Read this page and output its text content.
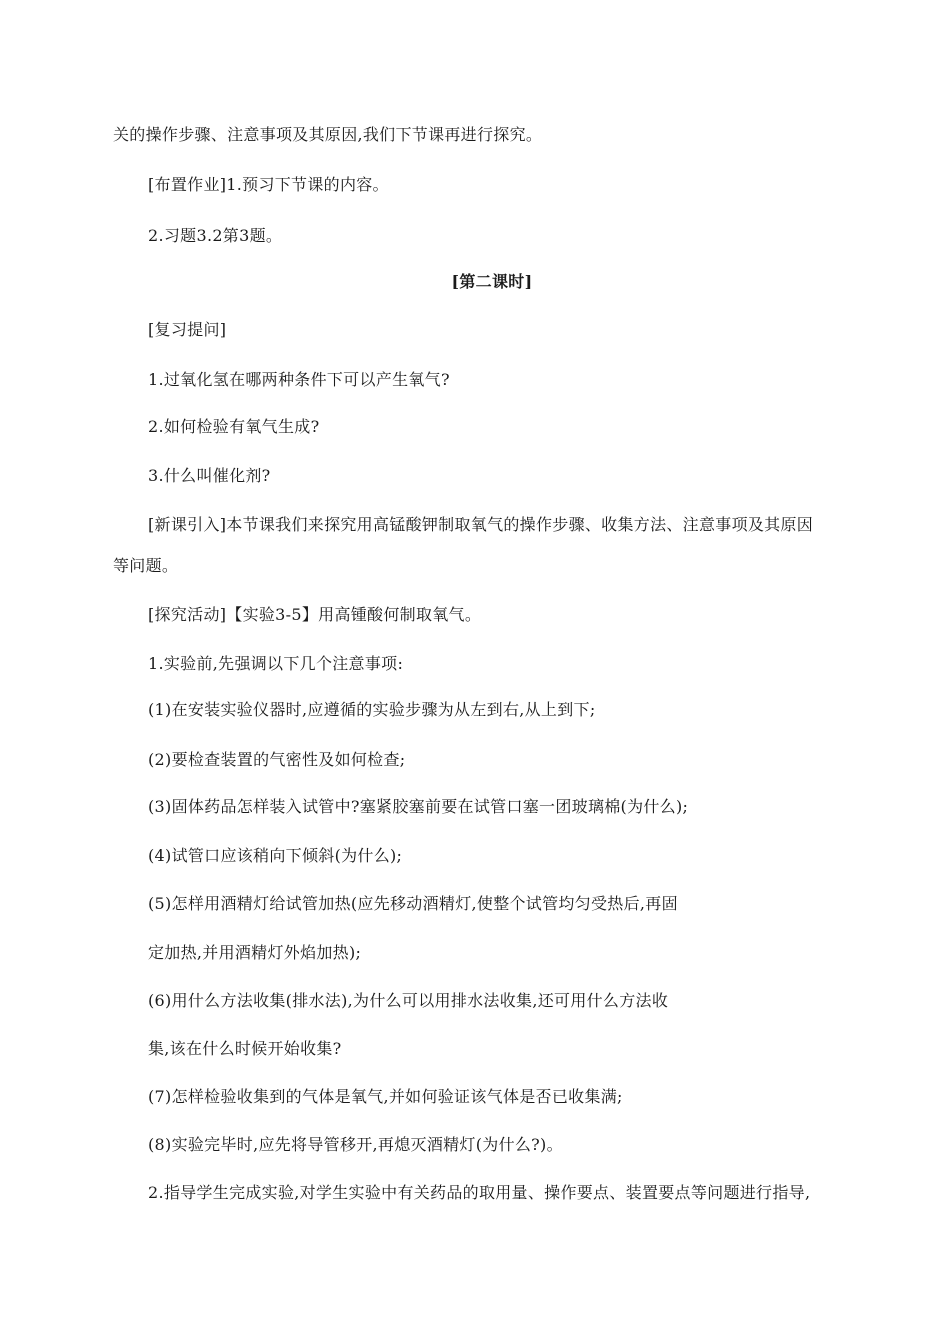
关的操作步骤、注意事项及其原因,我们下节课再进行探究。
[布置作业]1.预习下节课的内容。
2.习题3.2第3题。
[第二课时]
[复习提问]
1.过氧化氢在哪两种条件下可以产生氧气?
2.如何检验有氧气生成?
3.什么叫催化剂?
[新课引入]本节课我们来探究用高锰酸钾制取氧气的操作步骤、收集方法、注意事项及其原因
等问题。
[探究活动]【实验3-5】用高锺酸何制取氧气。
1.实验前,先强调以下几个注意事项:
(1)在安装实验仪器时,应遵循的实验步骤为从左到右,从上到下;
(2)要检查装置的气密性及如何检查;
(3)固体药品怎样装入试管中?塞紧胶塞前要在试管口塞一团玻璃棉(为什么);
(4)试管口应该稍向下倾斜(为什么);
(5)怎样用酒精灯给试管加热(应先移动酒精灯,使整个试管均匀受热后,再固
定加热,并用酒精灯外焰加热);
(6)用什么方法收集(排水法),为什么可以用排水法收集,还可用什么方法收
集,该在什么时候开始收集?
(7)怎样检验收集到的气体是氧气,并如何验证该气体是否已收集满;
(8)实验完毕时,应先将导管移开,再熄灭酒精灯(为什么?)。
2.指导学生完成实验,对学生实验中有关药品的取用量、操作要点、装置要点等问题进行指导,
